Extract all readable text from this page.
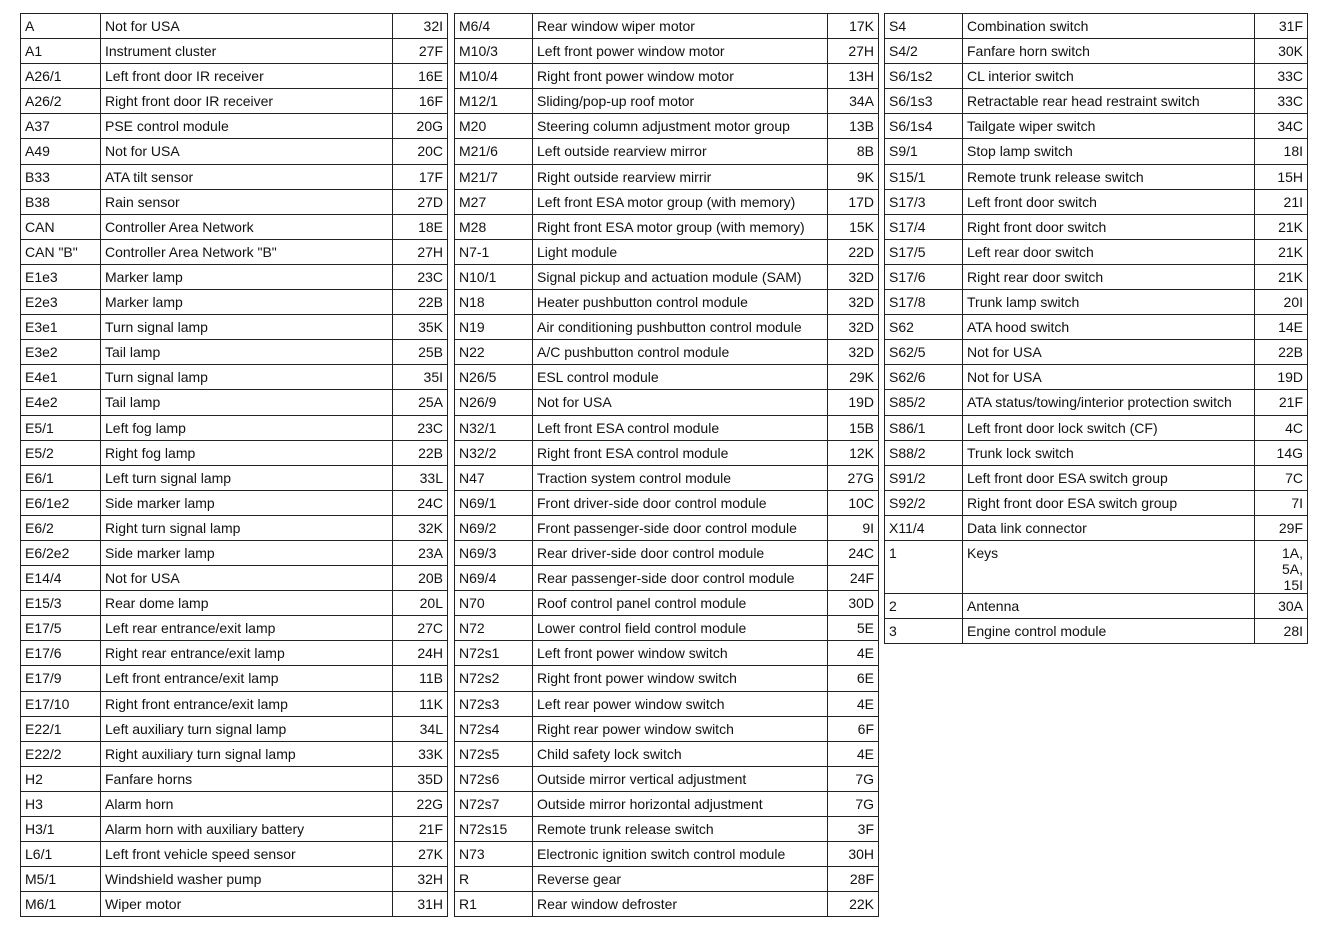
A	Not for USA	32I
A1	Instrument cluster	27F
A26/1	Left front door IR receiver	16E
A26/2	Right front door IR receiver	16F
A37	PSE control module	20G
A49	Not for USA	20C
B33	ATA tilt sensor	17F
B38	Rain sensor	27D
CAN	Controller Area Network	18E
CAN "B"	Controller Area Network "B"	27H
E1e3	Marker lamp	23C
E2e3	Marker lamp	22B
E3e1	Turn signal lamp	35K
E3e2	Tail lamp	25B
E4e1	Turn signal lamp	35I
E4e2	Tail lamp	25A
E5/1	Left fog lamp	23C
E5/2	Right fog lamp	22B
E6/1	Left turn signal lamp	33L
E6/1e2	Side marker lamp	24C
E6/2	Right turn signal lamp	32K
E6/2e2	Side marker lamp	23A
E14/4	Not for USA	20B
E15/3	Rear dome lamp	20L
E17/5	Left rear entrance/exit lamp	27C
E17/6	Right rear entrance/exit lamp	24H
E17/9	Left front entrance/exit lamp	11B
E17/10	Right front entrance/exit lamp	11K
E22/1	Left auxiliary turn signal lamp	34L
E22/2	Right auxiliary turn signal lamp	33K
H2	Fanfare horns	35D
H3	Alarm horn	22G
H3/1	Alarm horn with auxiliary battery	21F
L6/1	Left front vehicle speed sensor	27K
M5/1	Windshield washer pump	32H
M6/1	Wiper motor	31H
M6/4	Rear window wiper motor	17K
M10/3	Left front power window motor	27H
M10/4	Right front power window motor	13H
M12/1	Sliding/pop-up roof motor	34A
M20	Steering column adjustment motor group	13B
M21/6	Left outside rearview mirror	8B
M21/7	Right outside rearview mirrir	9K
M27	Left front ESA motor group (with memory)	17D
M28	Right front ESA motor group (with memory)	15K
N7-1	Light module	22D
N10/1	Signal pickup and actuation module (SAM)	32D
N18	Heater pushbutton control module	32D
N19	Air conditioning pushbutton control module	32D
N22	A/C pushbutton control module	32D
N26/5	ESL control module	29K
N26/9	Not for USA	19D
N32/1	Left front ESA control module	15B
N32/2	Right front ESA control module	12K
N47	Traction system control module	27G
N69/1	Front driver-side door control module	10C
N69/2	Front passenger-side door control module	9I
N69/3	Rear driver-side door control module	24C
N69/4	Rear passenger-side door control module	24F
N70	Roof control panel control module	30D
N72	Lower control field control module	5E
N72s1	Left front power window switch	4E
N72s2	Right front power window switch	6E
N72s3	Left rear power window switch	4E
N72s4	Right rear power window switch	6F
N72s5	Child safety lock switch	4E
N72s6	Outside mirror vertical adjustment	7G
N72s7	Outside mirror horizontal adjustment	7G
N72s15	Remote trunk release switch	3F
N73	Electronic ignition switch control module	30H
R	Reverse gear	28F
R1	Rear window defroster	22K
S4	Combination switch	31F
S4/2	Fanfare horn switch	30K
S6/1s2	CL interior switch	33C
S6/1s3	Retractable rear head restraint switch	33C
S6/1s4	Tailgate wiper switch	34C
S9/1	Stop lamp switch	18I
S15/1	Remote trunk release switch	15H
S17/3	Left front door switch	21I
S17/4	Right front door switch	21K
S17/5	Left rear door switch	21K
S17/6	Right rear door switch	21K
S17/8	Trunk lamp switch	20I
S62	ATA hood switch	14E
S62/5	Not for USA	22B
S62/6	Not for USA	19D
S85/2	ATA status/towing/interior protection switch	21F
S86/1	Left front door lock switch (CF)	4C
S88/2	Trunk lock switch	14G
S91/2	Left front door ESA switch group	7C
S92/2	Right front door ESA switch group	7I
X11/4	Data link connector	29F
1	Keys	1A, 5A, 15I
2	Antenna	30A
3	Engine control module	28I
